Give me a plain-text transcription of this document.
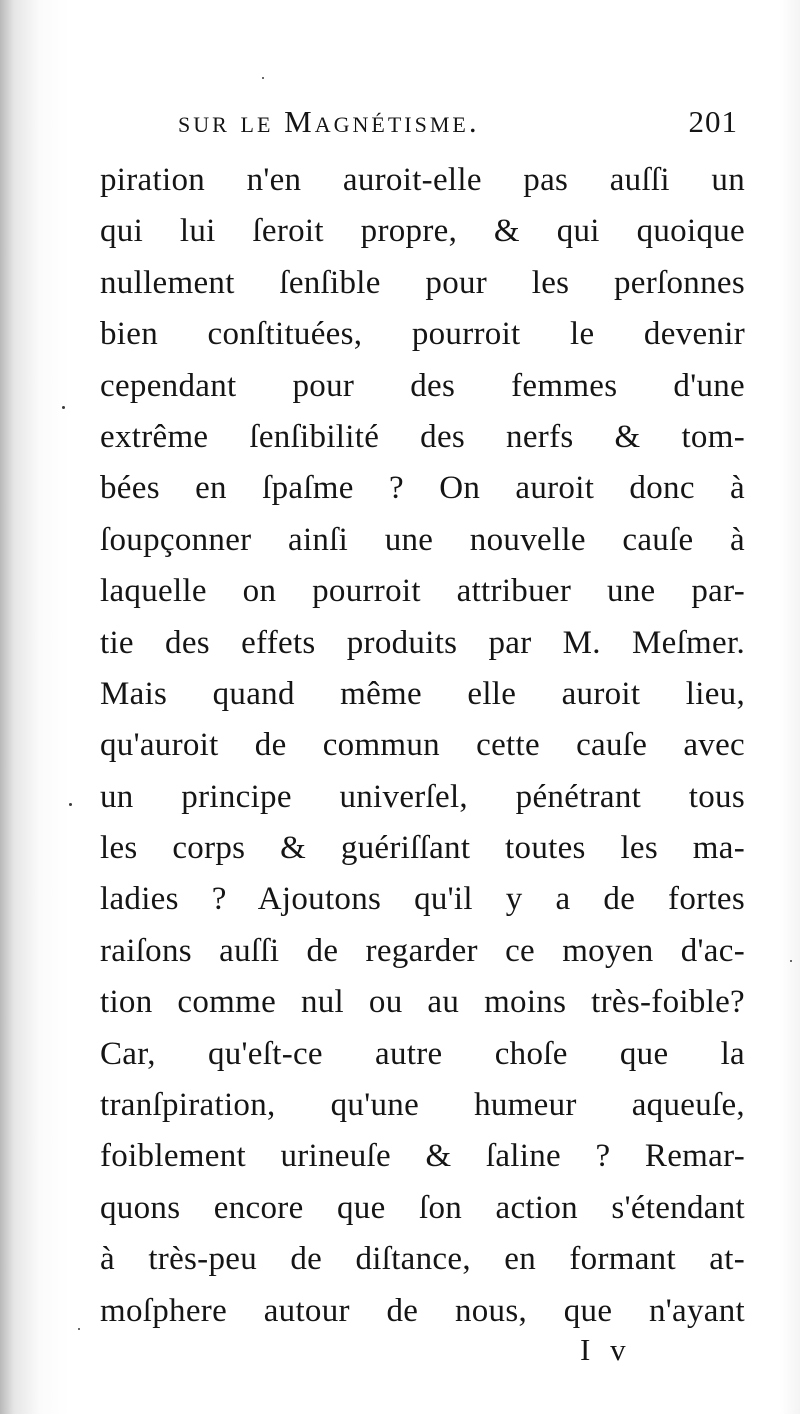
sur le Magnétisme.	201
piration n'en auroit-elle pas auſſi un
qui lui ſeroit propre, & qui quoique
nullement ſenſible pour les perſonnes
bien conſtituées, pourroit le devenir
cependant pour des femmes d'une
extrême ſenſibilité des nerfs & tom-
bées en ſpaſme ? On auroit donc à
ſoupçonner ainſi une nouvelle cauſe à
laquelle on pourroit attribuer une par-
tie des effets produits par M. Meſmer.
Mais quand même elle auroit lieu,
qu'auroit de commun cette cauſe avec
un principe univerſel, pénétrant tous
les corps & guériſſant toutes les ma-
ladies ? Ajoutons qu'il y a de fortes
raiſons auſſi de regarder ce moyen d'ac-
tion comme nul ou au moins très-foible?
Car, qu'eſt-ce autre choſe que la
tranſpiration, qu'une humeur aqueuſe,
foiblement urineuſe & ſaline ? Remar-
quons encore que ſon action s'étendant
à très-peu de diſtance, en formant at-
moſphere autour de nous, que n'ayant
I v
